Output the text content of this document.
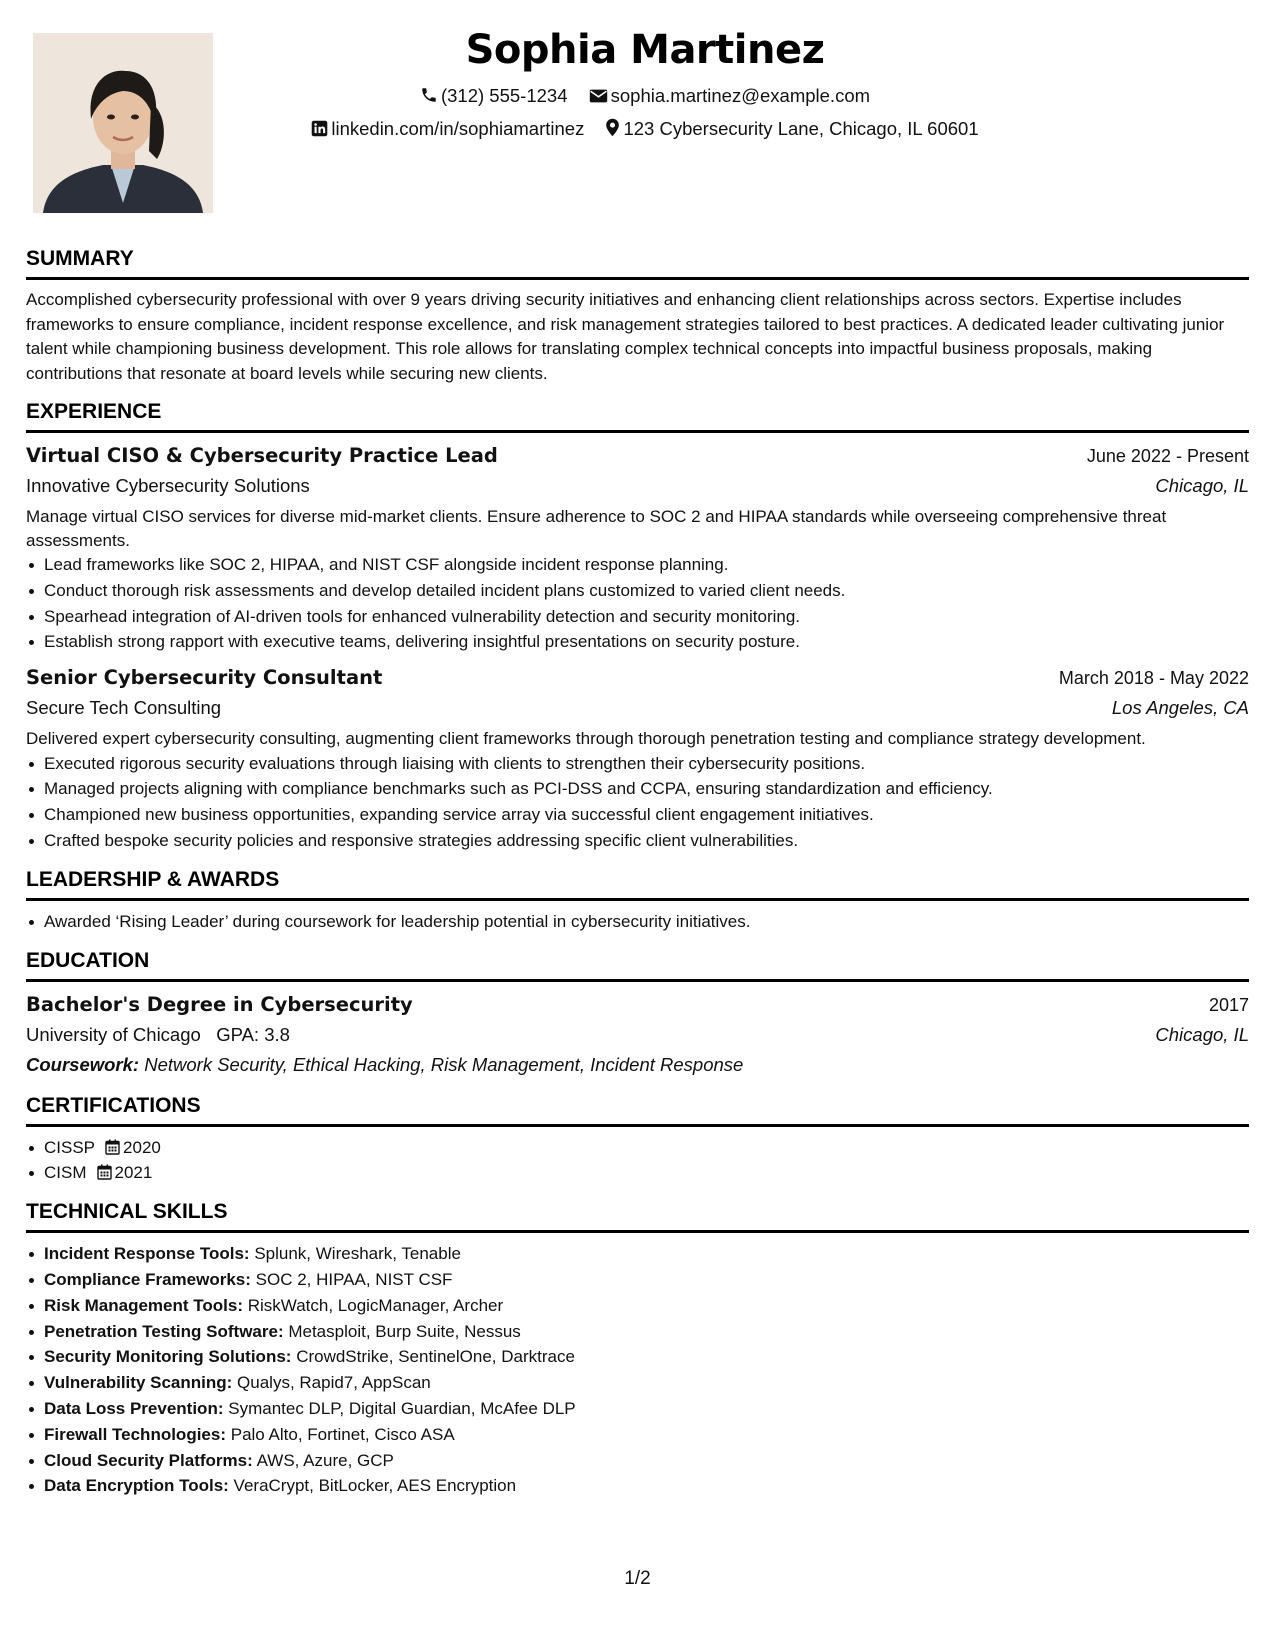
Sophia Martinez
(312) 555-1234 sophia.martinez@example.com
linkedin.com/in/sophiamartinez 123 Cybersecurity Lane, Chicago, IL 60601
SUMMARY
Accomplished cybersecurity professional with over 9 years driving security initiatives and enhancing client relationships across sectors. Expertise includes frameworks to ensure compliance, incident response excellence, and risk management strategies tailored to best practices. A dedicated leader cultivating junior talent while championing business development. This role allows for translating complex technical concepts into impactful business proposals, making contributions that resonate at board levels while securing new clients.
EXPERIENCE
Virtual CISO & Cybersecurity Practice Lead	June 2022 - Present
Innovative Cybersecurity Solutions	Chicago, IL
Manage virtual CISO services for diverse mid-market clients. Ensure adherence to SOC 2 and HIPAA standards while overseeing comprehensive threat assessments.
Lead frameworks like SOC 2, HIPAA, and NIST CSF alongside incident response planning.
Conduct thorough risk assessments and develop detailed incident plans customized to varied client needs.
Spearhead integration of AI-driven tools for enhanced vulnerability detection and security monitoring.
Establish strong rapport with executive teams, delivering insightful presentations on security posture.
Senior Cybersecurity Consultant	March 2018 - May 2022
Secure Tech Consulting	Los Angeles, CA
Delivered expert cybersecurity consulting, augmenting client frameworks through thorough penetration testing and compliance strategy development.
Executed rigorous security evaluations through liaising with clients to strengthen their cybersecurity positions.
Managed projects aligning with compliance benchmarks such as PCI-DSS and CCPA, ensuring standardization and efficiency.
Championed new business opportunities, expanding service array via successful client engagement initiatives.
Crafted bespoke security policies and responsive strategies addressing specific client vulnerabilities.
LEADERSHIP & AWARDS
Awarded ‘Rising Leader’ during coursework for leadership potential in cybersecurity initiatives.
EDUCATION
Bachelor's Degree in Cybersecurity	2017
University of Chicago GPA: 3.8	Chicago, IL
Coursework: Network Security, Ethical Hacking, Risk Management, Incident Response
CERTIFICATIONS
CISSP 2020
CISM 2021
TECHNICAL SKILLS
Incident Response Tools: Splunk, Wireshark, Tenable
Compliance Frameworks: SOC 2, HIPAA, NIST CSF
Risk Management Tools: RiskWatch, LogicManager, Archer
Penetration Testing Software: Metasploit, Burp Suite, Nessus
Security Monitoring Solutions: CrowdStrike, SentinelOne, Darktrace
Vulnerability Scanning: Qualys, Rapid7, AppScan
Data Loss Prevention: Symantec DLP, Digital Guardian, McAfee DLP
Firewall Technologies: Palo Alto, Fortinet, Cisco ASA
Cloud Security Platforms: AWS, Azure, GCP
Data Encryption Tools: VeraCrypt, BitLocker, AES Encryption
1/2
